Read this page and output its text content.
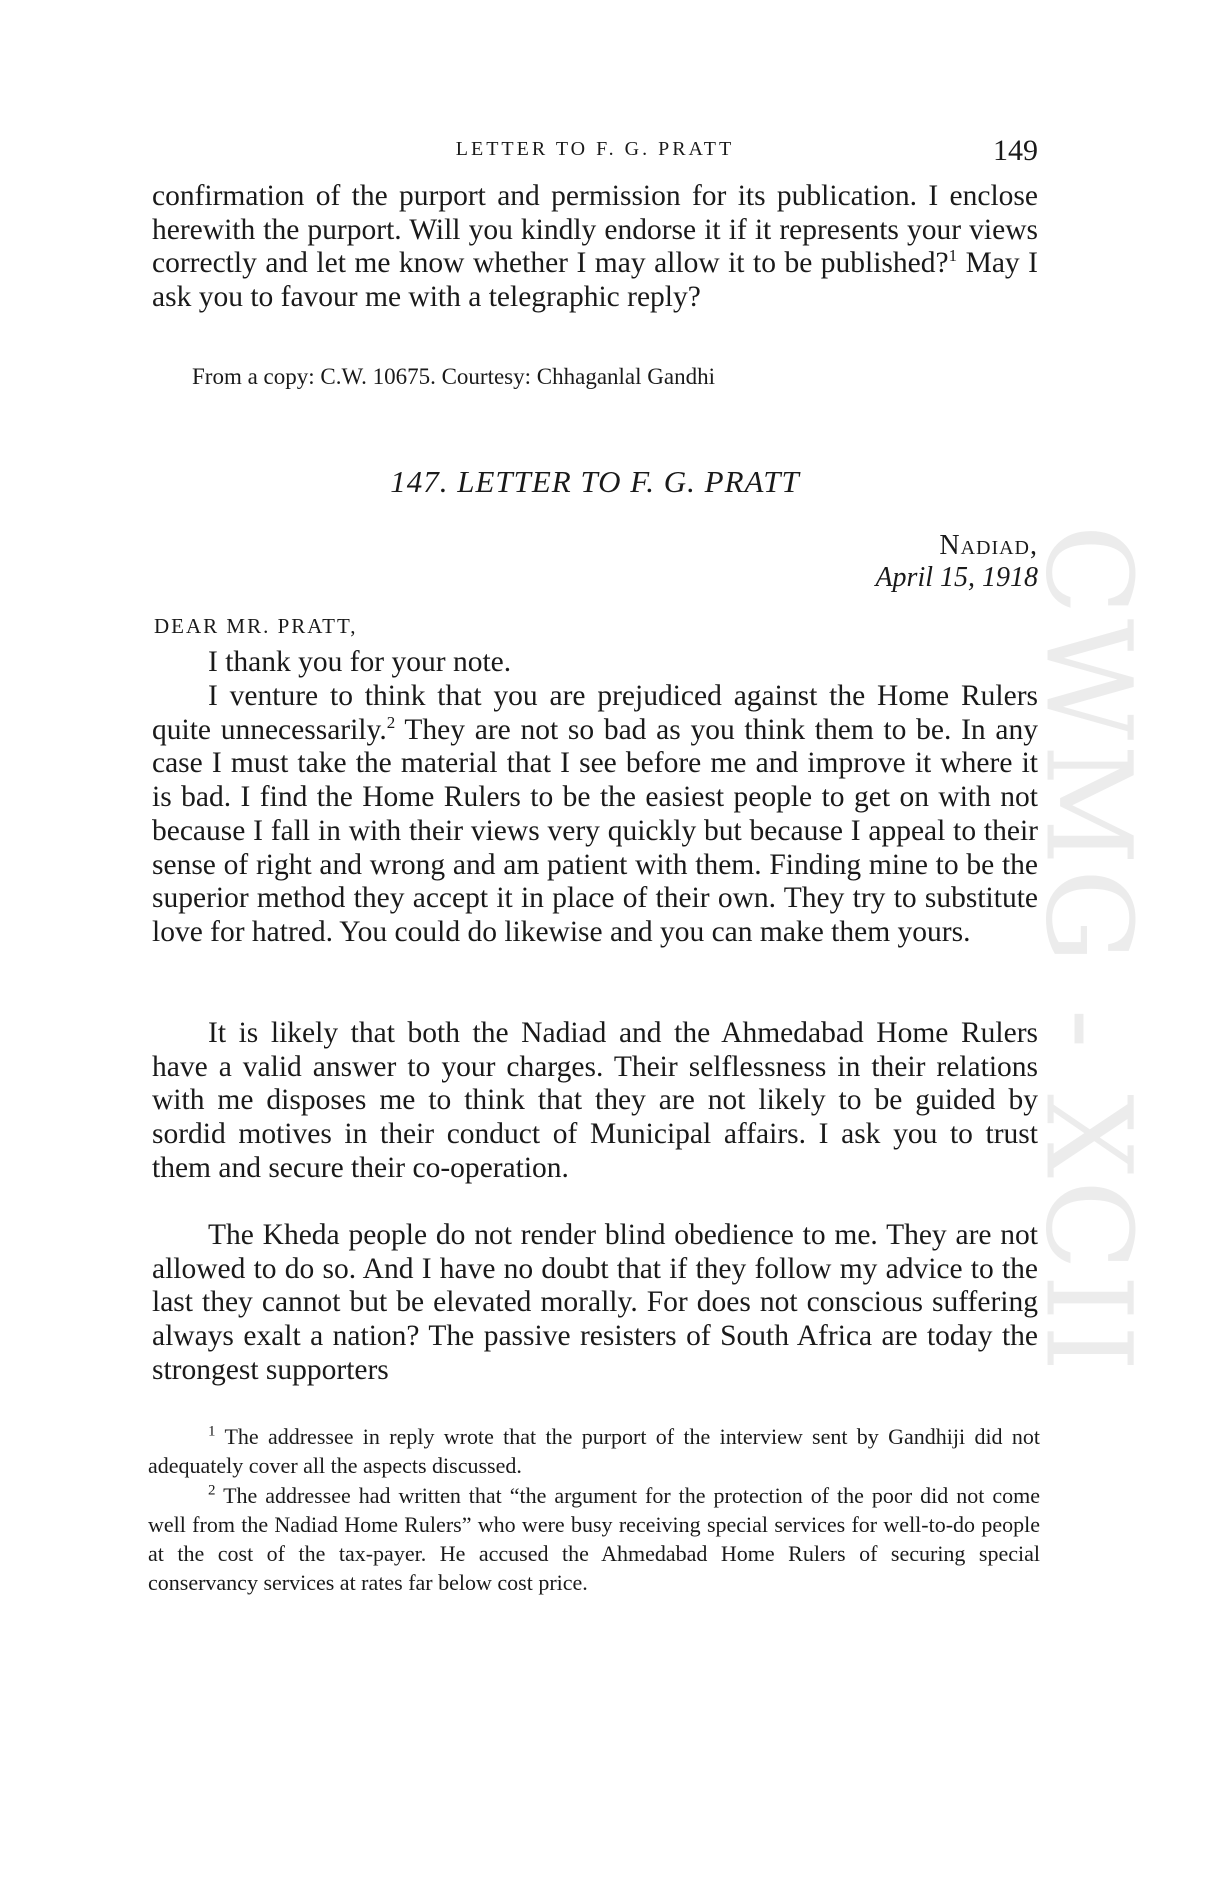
CWMG - XCII
LETTER TO F. G. PRATT	149

confirmation of the purport and permission for its publication. I enclose herewith the purport. Will you kindly endorse it if it represents your views correctly and let me know whether I may allow it to be published?$^1$ May I ask you to favour me with a telegraphic reply?

From a copy: C.W. 10675. Courtesy: Chhaganlal Gandhi

147. LETTER TO F. G. PRATT
Nadiad,
April 15, 1918
DEAR MR. PRATT,

I thank you for your note.

I venture to think that you are prejudiced against the Home Rulers quite unnecessarily.$^2$ They are not so bad as you think them to be. In any case I must take the material that I see before me and improve it where it is bad. I find the Home Rulers to be the easiest people to get on with not because I fall in with their views very quickly but because I appeal to their sense of right and wrong and am patient with them. Finding mine to be the superior method they accept it in place of their own. They try to substitute love for hatred. You could do likewise and you can make them yours.

It is likely that both the Nadiad and the Ahmedabad Home Rulers have a valid answer to your charges. Their selflessness in their relations with me disposes me to think that they are not likely to be guided by sordid motives in their conduct of Municipal affairs. I ask you to trust them and secure their co-operation.

The Kheda people do not render blind obedience to me. They are not allowed to do so. And I have no doubt that if they follow my advice to the last they cannot but be elevated morally. For does not conscious suffering always exalt a nation? The passive resisters of South Africa are today the strongest supporters

$^1$ The addressee in reply wrote that the purport of the interview sent by Gandhiji did not adequately cover all the aspects discussed.

$^2$ The addressee had written that “the argument for the protection of the poor did not come well from the Nadiad Home Rulers” who were busy receiving special services for well-to-do people at the cost of the tax-payer. He accused the Ahmedabad Home Rulers of securing special conservancy services at rates far below cost price.
